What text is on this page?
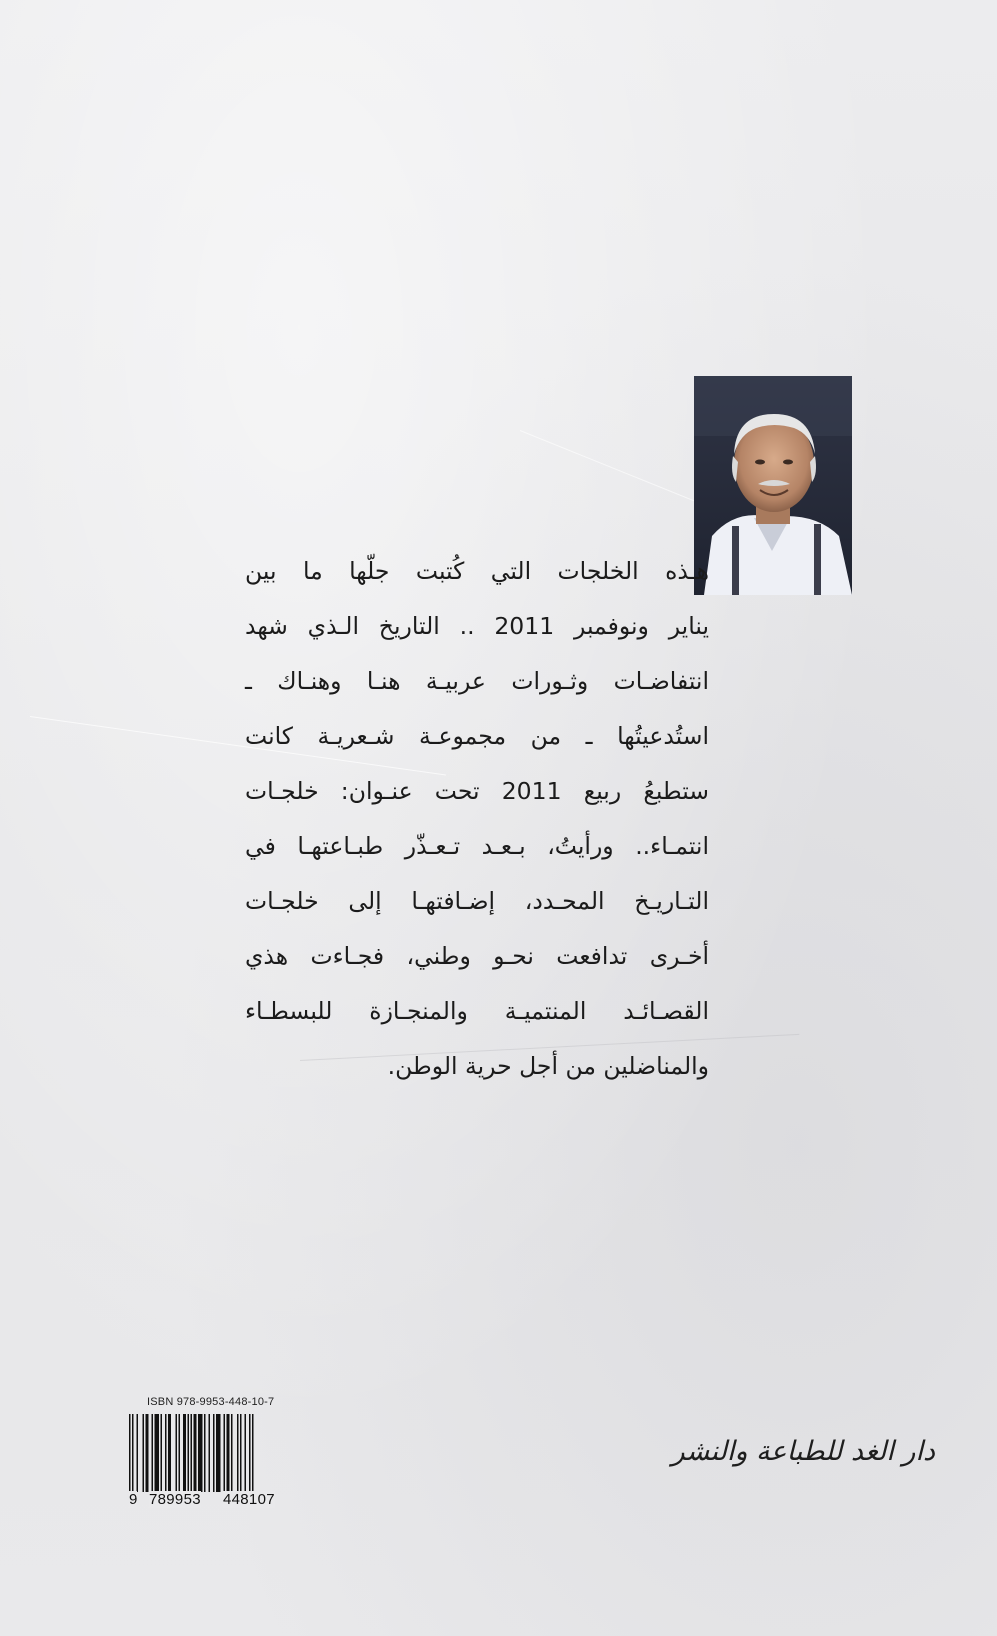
هـذه الخلجات التي كُتبت جلّها ما بين
يناير ونوفمبر 2011 .. التاريخ الـذي شهد
انتفاضـات وثـورات عربيـة هنـا وهنـاك ـ
استُدعيتُها ـ من مجموعـة شـعريـة كانت
ستطبعُ ربيع 2011 تحت عنـوان: خلجـات
انتمـاء.. ورأيتُ، بـعـد تـعـذّر طبـاعتهـا في
التـاريـخ المحـدد، إضـافتهـا إلى خلجـات
أخـرى تدافعت نحـو وطني، فجـاءت هذي
القصـائـد المنتميـة والمنجـازة للبسطـاء
والمناضلين من أجل حرية الوطن.
ISBN 978-9953-448-10-7
9 789953 448107
دار الغد للطباعة والنشر
